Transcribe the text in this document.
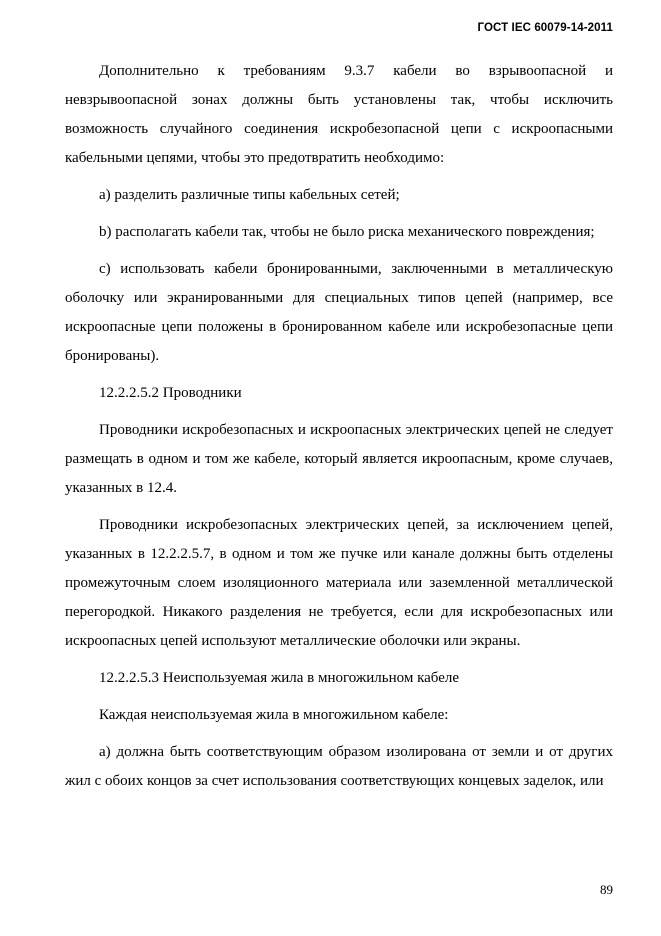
ГОСТ IEC 60079-14-2011

Дополнительно к требованиям 9.3.7 кабели во взрывоопасной и невзрывоопасной зонах должны быть установлены так, чтобы исключить возможность случайного соединения искробезопасной цепи с искроопасными кабельными цепями, чтобы это предотвратить необходимо:

a) разделить различные типы кабельных сетей;

b) располагать кабели так, чтобы не было риска механического повреждения;

c) использовать кабели бронированными, заключенными в металлическую оболочку или экранированными для специальных типов цепей (например, все искроопасные цепи положены в бронированном кабеле или искробезопасные цепи бронированы).

12.2.2.5.2 Проводники

Проводники искробезопасных и искроопасных электрических цепей не следует размещать в одном и том же кабеле, который является икроопасным, кроме случаев, указанных в 12.4.

Проводники искробезопасных электрических цепей, за исключением цепей, указанных в 12.2.2.5.7, в одном и том же пучке или канале должны быть отделены промежуточным слоем изоляционного материала или заземленной металлической перегородкой. Никакого разделения не требуется, если для искробезопасных или искроопасных цепей используют металлические оболочки или экраны.

12.2.2.5.3 Неиспользуемая жила в многожильном кабеле

Каждая неиспользуемая жила в многожильном кабеле:

a) должна быть соответствующим образом изолирована от земли и от других жил с обоих концов за счет использования соответствующих концевых заделок, или

89
